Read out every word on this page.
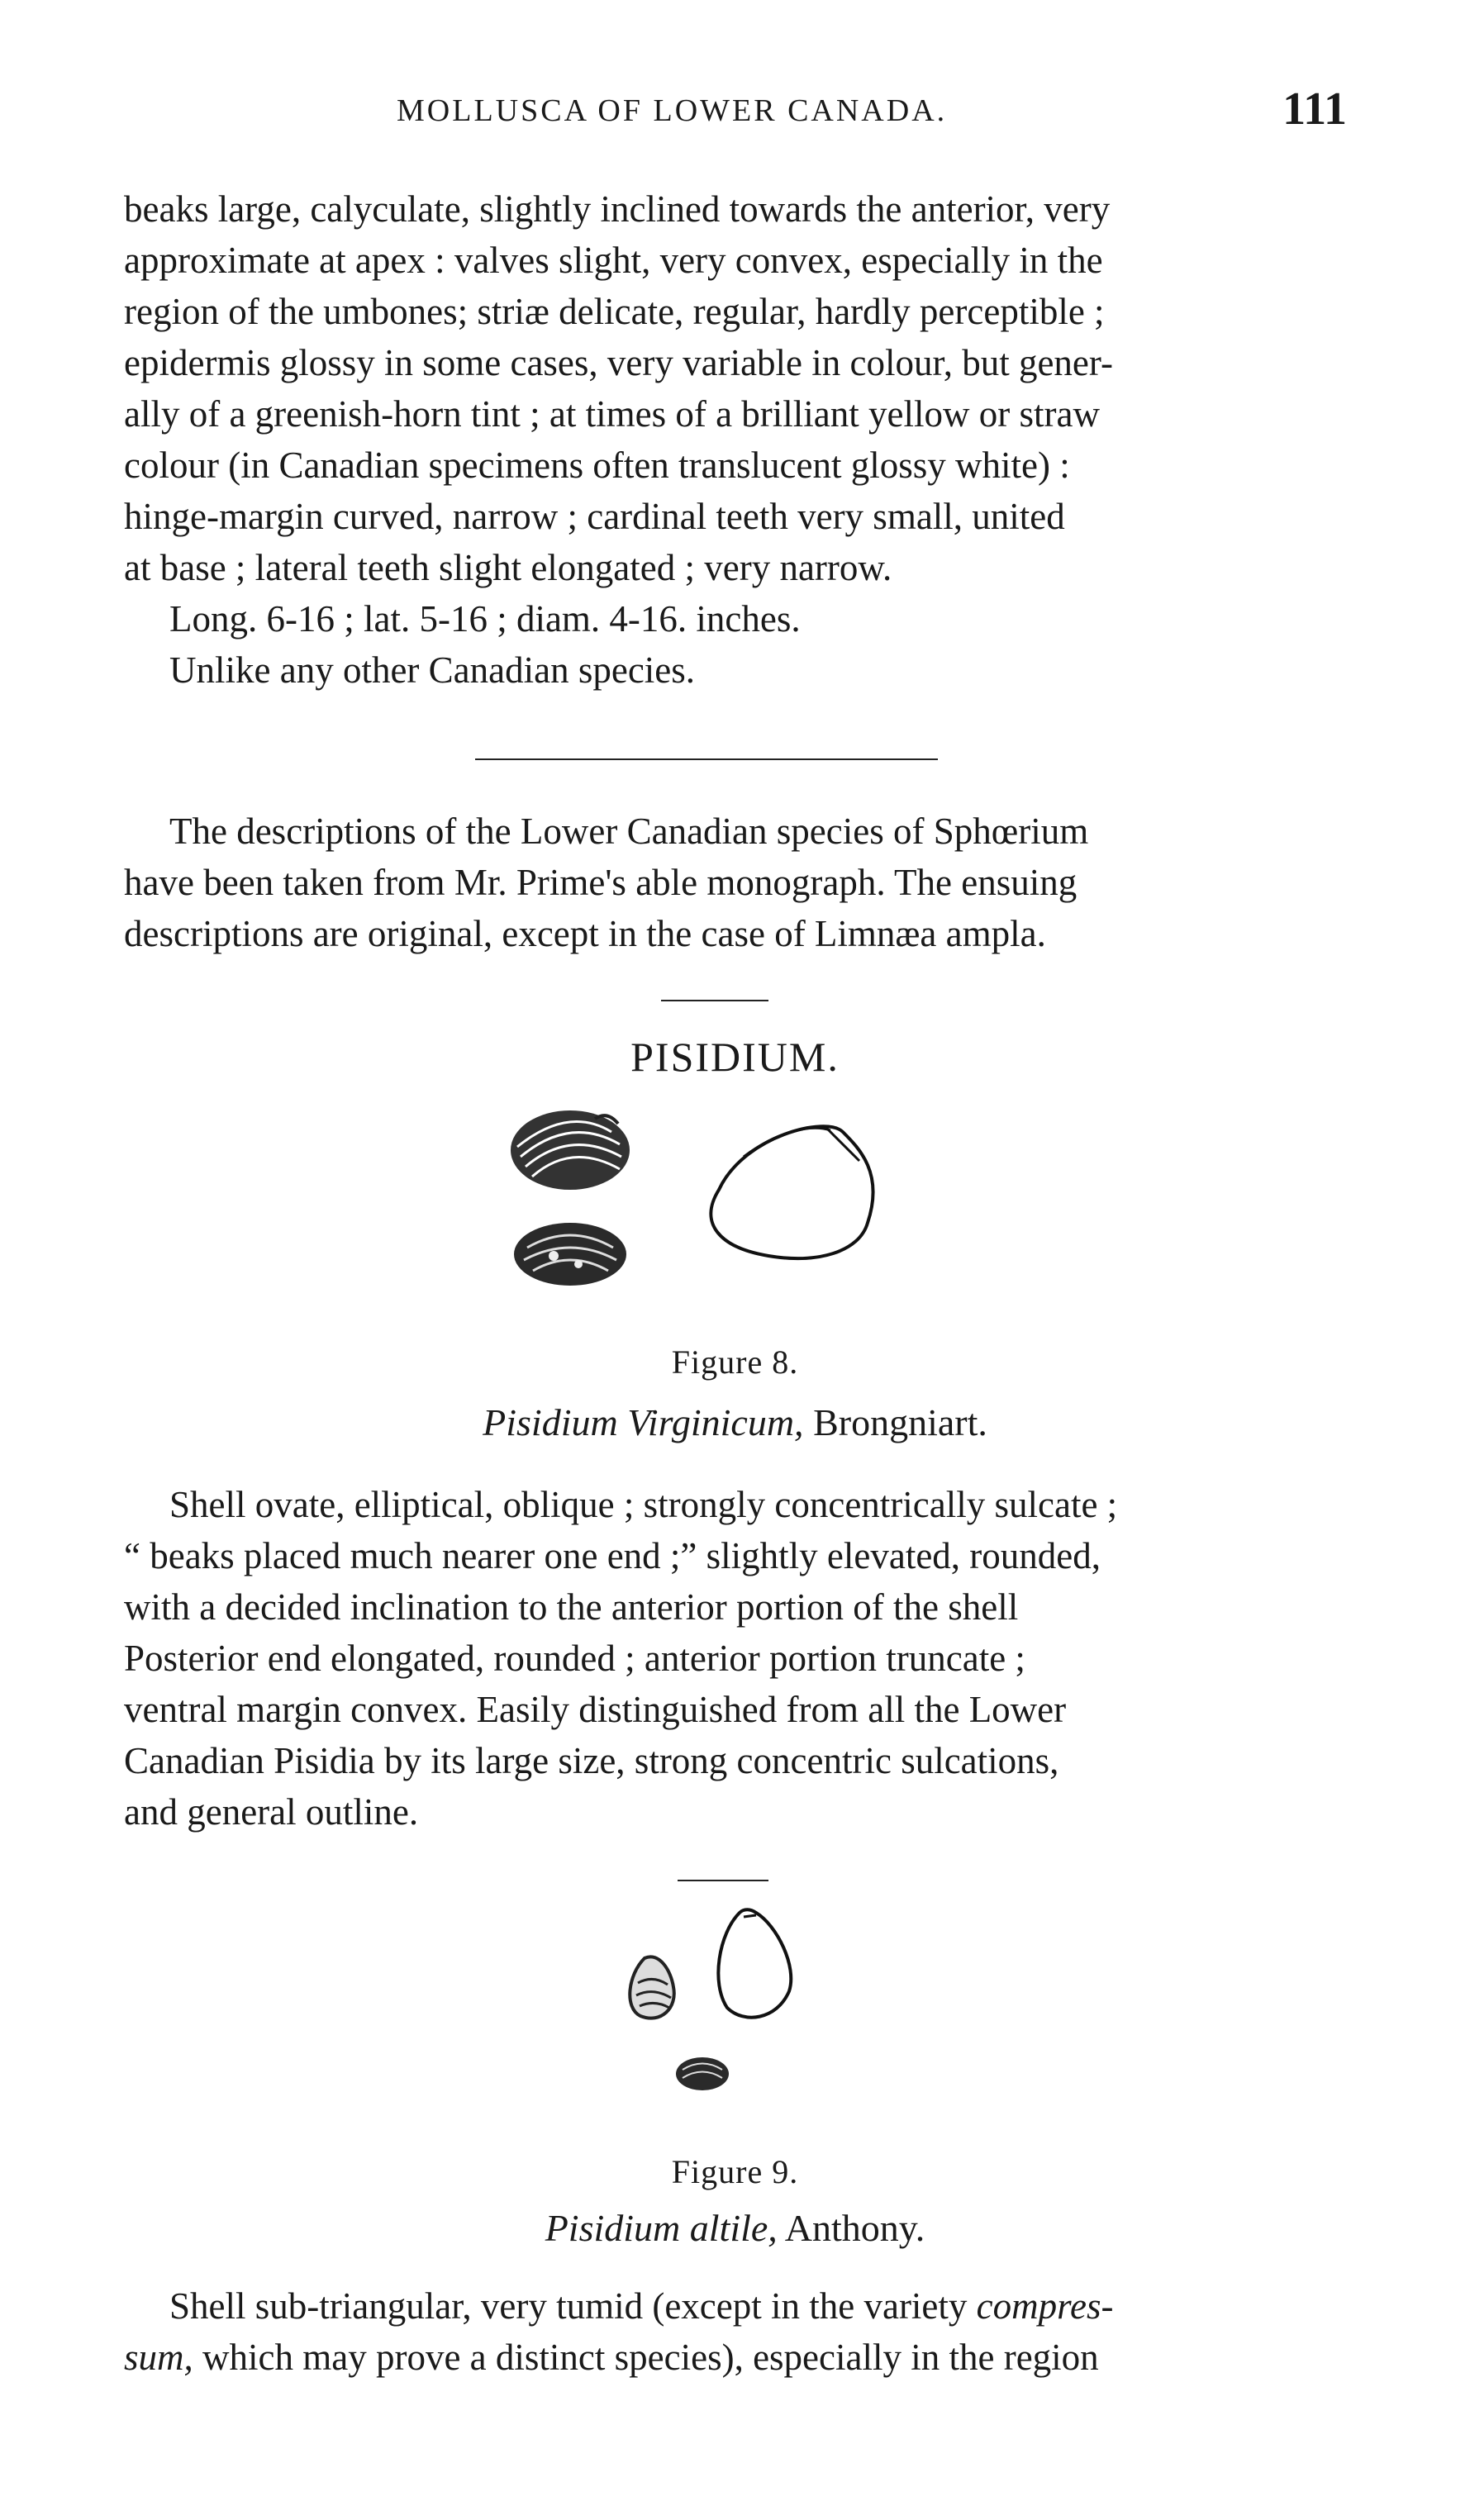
MOLLUSCA OF LOWER CANADA.	111
beaks large, calyculate, slightly inclined towards the anterior, very
approximate at apex : valves slight, very convex, especially in the
region of the umbones; striæ delicate, regular, hardly perceptible ;
epidermis glossy in some cases, very variable in colour, but gener-
ally of a greenish-horn tint ; at times of a brilliant yellow or straw
colour (in Canadian specimens often translucent glossy white) :
hinge-margin curved, narrow ; cardinal teeth very small, united
at base ; lateral teeth slight elongated ; very narrow.
Long. 6-16 ; lat. 5-16 ; diam. 4-16. inches.
Unlike any other Canadian species.
The descriptions of the Lower Canadian species of Sphœrium
have been taken from Mr. Prime's able monograph. The ensuing
descriptions are original, except in the case of Limnæa ampla.
PISIDIUM.
Figure 8.
Pisidium Virginicum, Brongniart.
Shell ovate, elliptical, oblique ; strongly concentrically sulcate ;
“ beaks placed much nearer one end ;” slightly elevated, rounded,
with a decided inclination to the anterior portion of the shell
Posterior end elongated, rounded ; anterior portion truncate ;
ventral margin convex. Easily distinguished from all the Lower
Canadian Pisidia by its large size, strong concentric sulcations,
and general outline.
Figure 9.
Pisidium altile, Anthony.
Shell sub-triangular, very tumid (except in the variety compres-
sum, which may prove a distinct species), especially in the region
